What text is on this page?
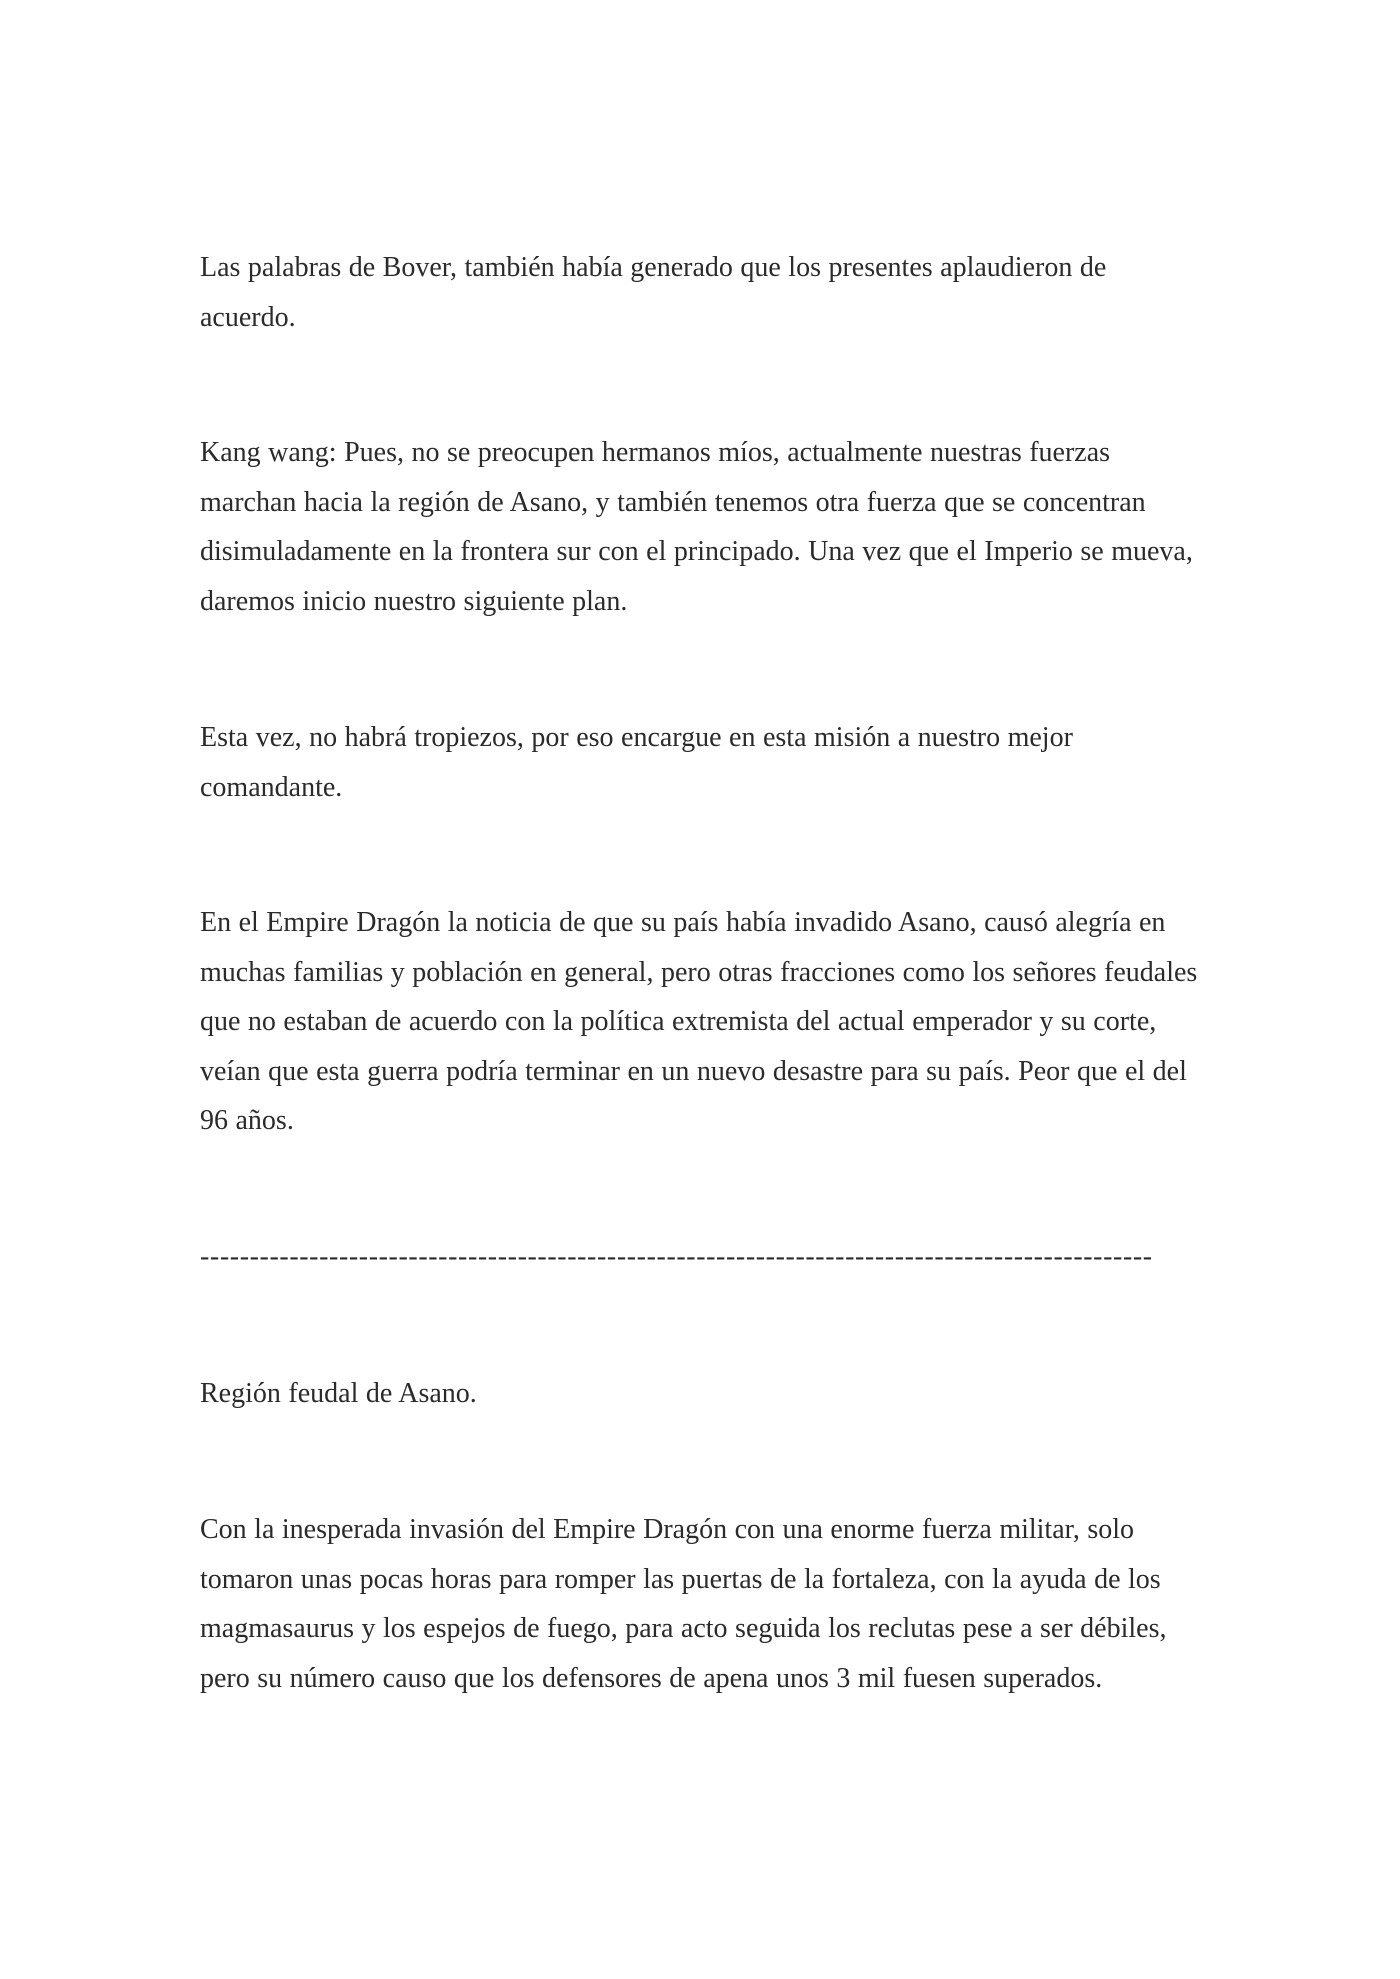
Las palabras de Bover, también había generado que los presentes aplaudieron de acuerdo.

Kang wang: Pues, no se preocupen hermanos míos, actualmente nuestras fuerzas marchan hacia la región de Asano, y también tenemos otra fuerza que se concentran disimuladamente en la frontera sur con el principado. Una vez que el Imperio se mueva, daremos inicio nuestro siguiente plan.

Esta vez, no habrá tropiezos, por eso encargue en esta misión a nuestro mejor comandante.

En el Empire Dragón la noticia de que su país había invadido Asano, causó alegría en muchas familias y población en general, pero otras fracciones como los señores feudales que no estaban de acuerdo con la política extremista del actual emperador y su corte, veían que esta guerra podría terminar en un nuevo desastre para su país. Peor que el del 96 años.

------------------------------------------------------------------------------------------------

Región feudal de Asano.

Con la inesperada invasión del Empire Dragón con una enorme fuerza militar, solo tomaron unas pocas horas para romper las puertas de la fortaleza, con la ayuda de los magmasaurus y los espejos de fuego, para acto seguida los reclutas pese a ser débiles, pero su número causo que los defensores de apena unos 3 mil fuesen superados.
